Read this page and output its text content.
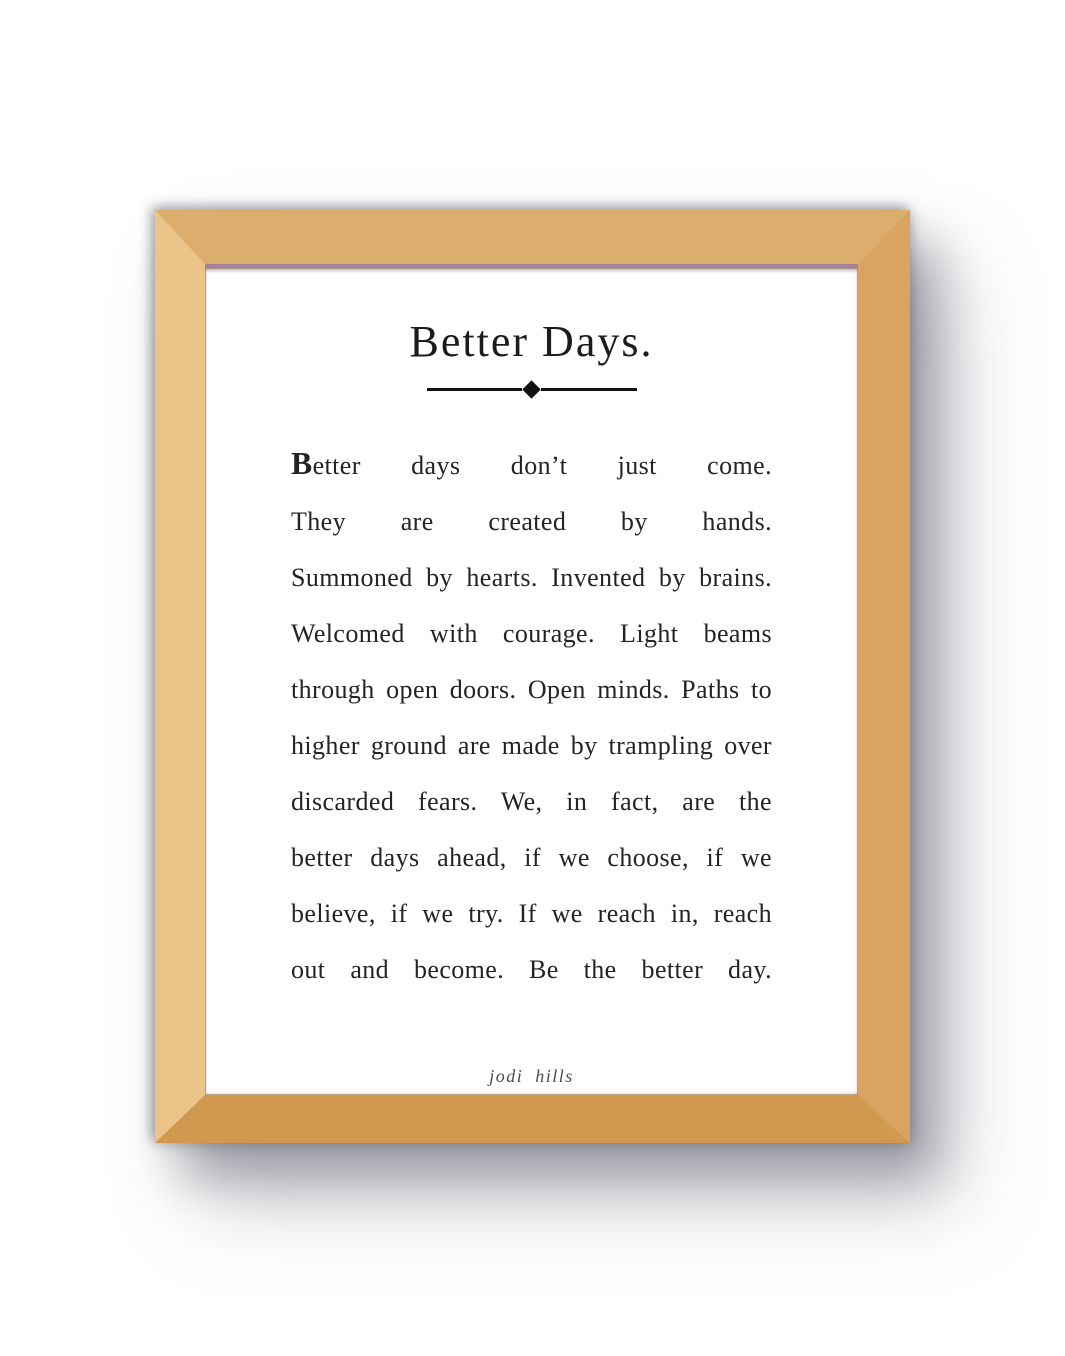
Better Days.
Better days don’t just come.
They are created by hands.
Summoned by hearts. Invented by brains.
Welcomed with courage. Light beams
through open doors. Open minds. Paths to
higher ground are made by trampling over
discarded fears. We, in fact, are the
better days ahead, if we choose, if we
believe, if we try. If we reach in, reach
out and become. Be the better day.
jodi hills
